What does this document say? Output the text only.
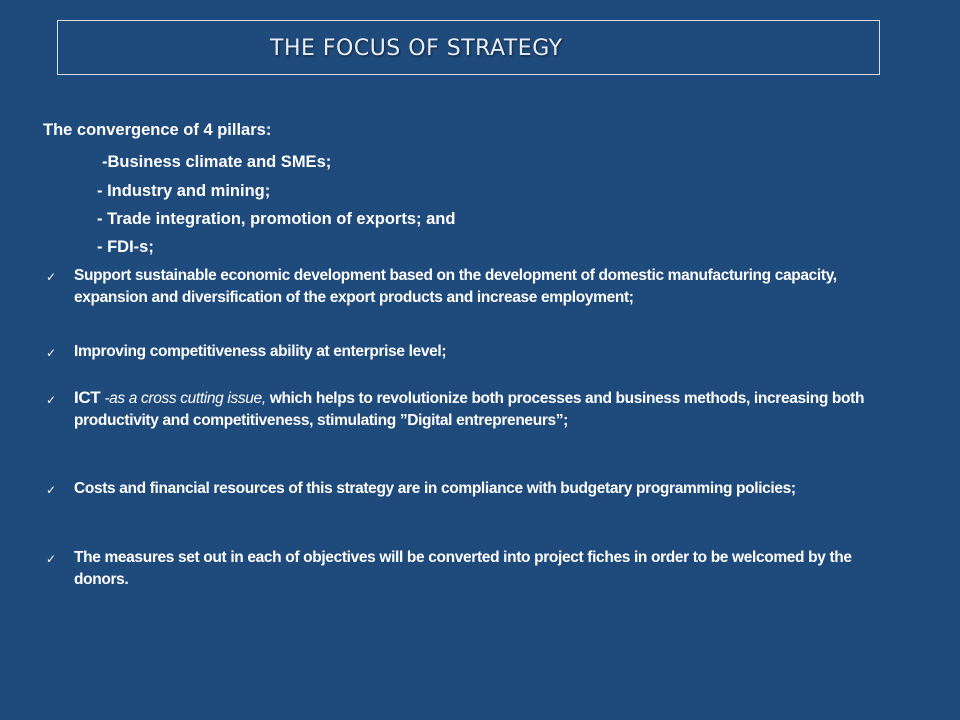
THE FOCUS OF STRATEGY
The convergence of 4 pillars:
-Business climate and SMEs;
- Industry and mining;
- Trade integration, promotion of exports; and
- FDI-s;
✓ Support sustainable economic development based on the development of domestic manufacturing capacity, expansion and diversification of the export products and increase employment;
✓ Improving competitiveness ability at enterprise level;
✓ ICT -as a cross cutting issue, which helps to revolutionize both processes and business methods, increasing both productivity and competitiveness, stimulating ”Digital entrepreneurs”;
✓ Costs and financial resources of this strategy are in compliance with budgetary programming policies;
✓ The measures set out in each of objectives will be converted into project fiches in order to be welcomed by the donors.
